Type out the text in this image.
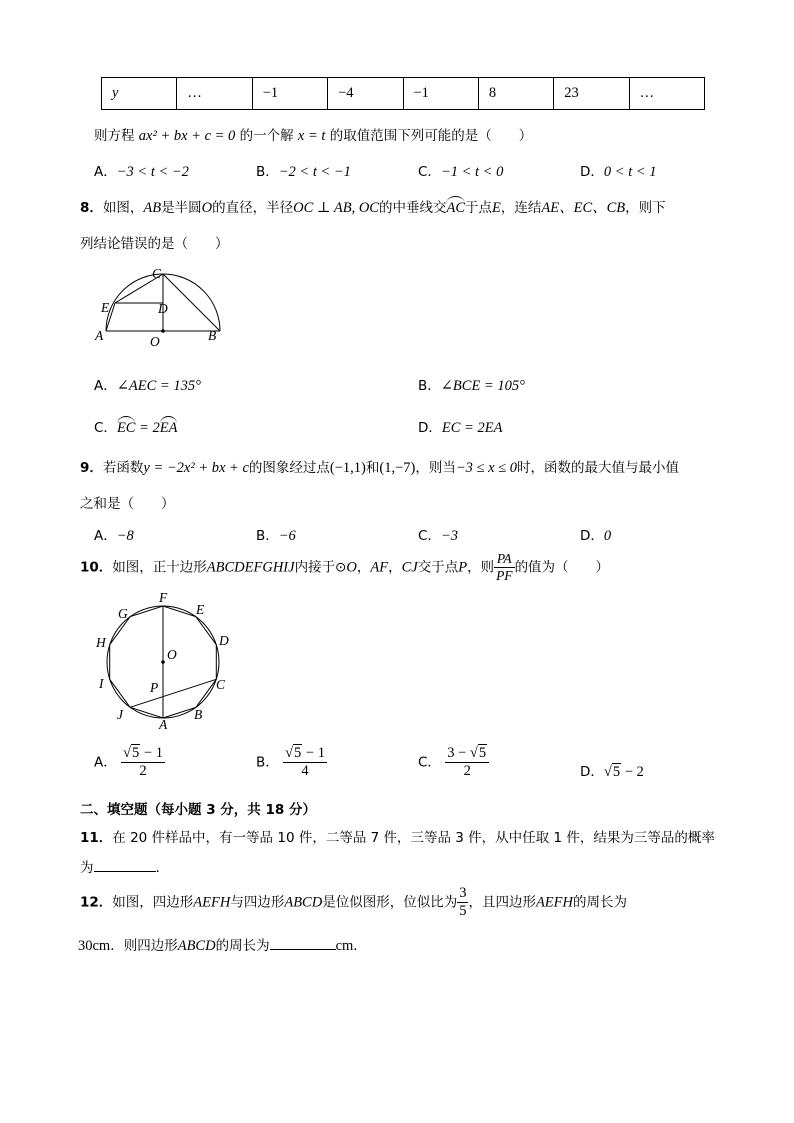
y	…	−1	−4	−1	8	23	…
则方程 ax² + bx + c = 0 的一个解 x = t 的取值范围下列可能的是（　　）
A．−3 < t < −2	B．−2 < t < −1	C．−1 < t < 0	D．0 < t < 1
8．如图，AB是半圆O的直径，半径OC ⊥ AB, OC的中垂线交AC于点E，连结AE、EC、CB，则下
列结论错误的是（　　）
C
E	D
A	O	B
A．∠AEC = 135°	B．∠BCE = 105°
C．EC = 2EA	D．EC = 2EA
9．若函数y = −2x² + bx + c的图象经过点(−1,1)和(1,−7)，则当−3 ≤ x ≤ 0时，函数的最大值与最小值
之和是（　　）
A．−8	B．−6	C．−3	D．0
10．如图，正十边形ABCDEFGHIJ内接于⊙O，AF，CJ交于点P，则 $\frac{PA}{PF}$ 的值为（　　）
O
P
A
B
C
D
E
F
G
H
I
J
A． $\frac{√5 - 1}{2}$	B． $\frac{√5 - 1}{4}$	C． $\frac{3 - √5}{2}$	D．√5 − 2
二、填空题（每小题 3 分，共 18 分）
11．在 20 件样品中，有一等品 10 件，二等品 7 件，三等品 3 件，从中任取 1 件，结果为三等品的概率
为	.
12．如图，四边形AEFH与四边形ABCD是位似图形，位似比为 $\frac{3}{5}$ ，且四边形AEFH的周长为
30cm．则四边形ABCD的周长为	cm．
